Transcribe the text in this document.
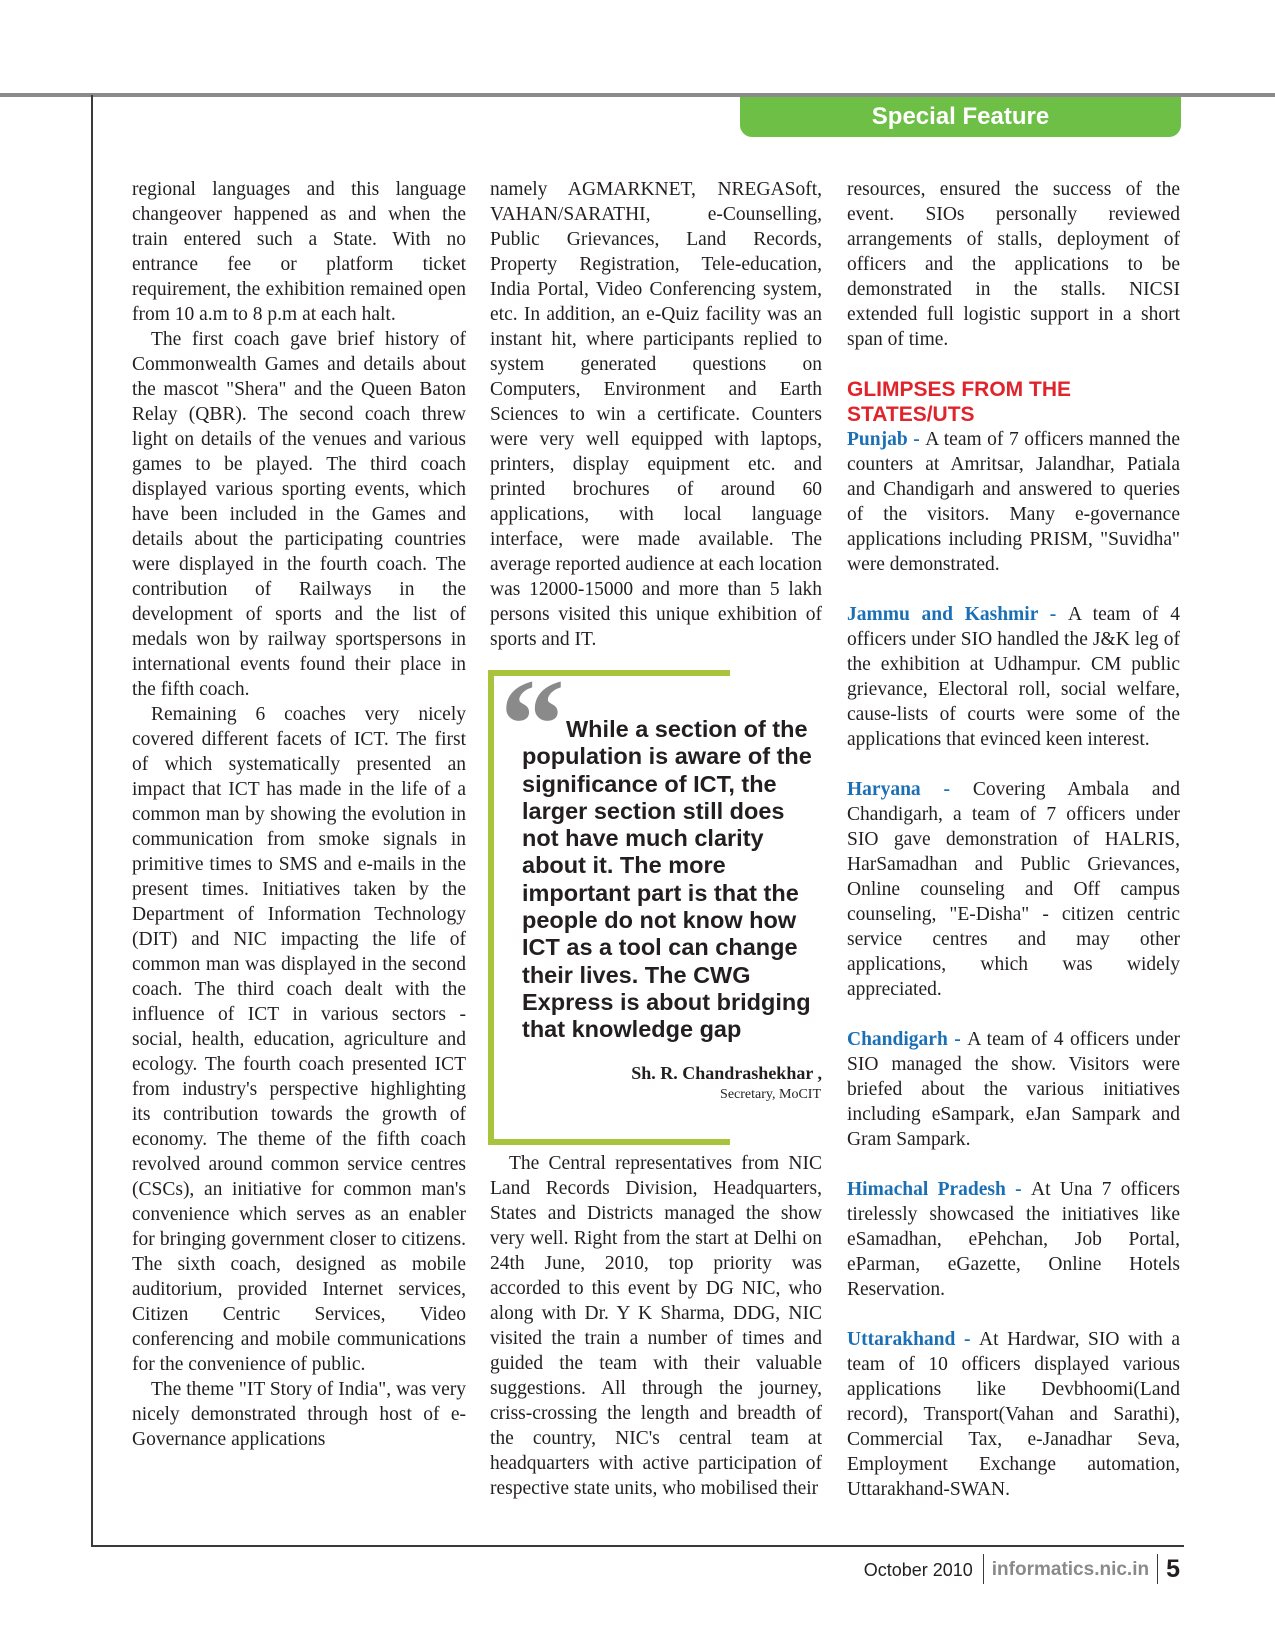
Special Feature

regional languages and this language changeover happened as and when the train entered such a State. With no entrance fee or platform ticket requirement, the exhibition remained open from 10 a.m to 8 p.m at each halt.

The first coach gave brief history of Commonwealth Games and details about the mascot "Shera" and the Queen Baton Relay (QBR). The second coach threw light on details of the venues and various games to be played. The third coach displayed various sporting events, which have been included in the Games and details about the participating countries were displayed in the fourth coach. The contribution of Railways in the development of sports and the list of medals won by railway sportspersons in international events found their place in the fifth coach.

Remaining 6 coaches very nicely covered different facets of ICT. The first of which systematically presented an impact that ICT has made in the life of a common man by showing the evolution in communication from smoke signals in primitive times to SMS and e-mails in the present times. Initiatives taken by the Department of Information Technology (DIT) and NIC impacting the life of common man was displayed in the second coach. The third coach dealt with the influence of ICT in various sectors - social, health, education, agriculture and ecology. The fourth coach presented ICT from industry's perspective highlighting its contribution towards the growth of economy. The theme of the fifth coach revolved around common service centres (CSCs), an initiative for common man's convenience which serves as an enabler for bringing government closer to citizens. The sixth coach, designed as mobile auditorium, provided Internet services, Citizen Centric Services, Video conferencing and mobile communications for the convenience of public.

The theme "IT Story of India", was very nicely demonstrated through host of e-Governance applications

namely AGMARKNET, NREGASoft, VAHAN/SARATHI, e-Counselling, Public Grievances, Land Records, Property Registration, Tele-education, India Portal, Video Conferencing system, etc. In addition, an e-Quiz facility was an instant hit, where participants replied to system generated questions on Computers, Environment and Earth Sciences to win a certificate. Counters were very well equipped with laptops, printers, display equipment etc. and printed brochures of around 60 applications, with local language interface, were made available. The average reported audience at each location was 12000-15000 and more than 5 lakh persons visited this unique exhibition of sports and IT.

“ While a section of the population is aware of the significance of ICT, the larger section still does not have much clarity about it. The more important part is that the people do not know how ICT as a tool can change their lives. The CWG Express is about bridging that knowledge gap
Sh. R. Chandrashekhar ,
Secretary, MoCIT

The Central representatives from NIC Land Records Division, Headquarters, States and Districts managed the show very well. Right from the start at Delhi on 24th June, 2010, top priority was accorded to this event by DG NIC, who along with Dr. Y K Sharma, DDG, NIC visited the train a number of times and guided the team with their valuable suggestions. All through the journey, criss-crossing the length and breadth of the country, NIC's central team at headquarters with active participation of respective state units, who mobilised their

resources, ensured the success of the event. SIOs personally reviewed arrangements of stalls, deployment of officers and the applications to be demonstrated in the stalls. NICSI extended full logistic support in a short span of time.

GLIMPSES FROM THE STATES/UTS

Punjab - A team of 7 officers manned the counters at Amritsar, Jalandhar, Patiala and Chandigarh and answered to queries of the visitors. Many e-governance applications including PRISM, "Suvidha" were demonstrated.

Jammu and Kashmir - A team of 4 officers under SIO handled the J&K leg of the exhibition at Udhampur. CM public grievance, Electoral roll, social welfare, cause-lists of courts were some of the applications that evinced keen interest.

Haryana - Covering Ambala and Chandigarh, a team of 7 officers under SIO gave demonstration of HALRIS, HarSamadhan and Public Grievances, Online counseling and Off campus counseling, "E-Disha" - citizen centric service centres and may other applications, which was widely appreciated.

Chandigarh - A team of 4 officers under SIO managed the show. Visitors were briefed about the various initiatives including eSampark, eJan Sampark and Gram Sampark.

Himachal Pradesh - At Una 7 officers tirelessly showcased the initiatives like eSamadhan, ePehchan, Job Portal, eParman, eGazette, Online Hotels Reservation.

Uttarakhand - At Hardwar, SIO with a team of 10 officers displayed various applications like Devbhoomi(Land record), Transport(Vahan and Sarathi), Commercial Tax, e-Janadhar Seva, Employment Exchange automation, Uttarakhand-SWAN.

October 2010	informatics.nic.in 5
